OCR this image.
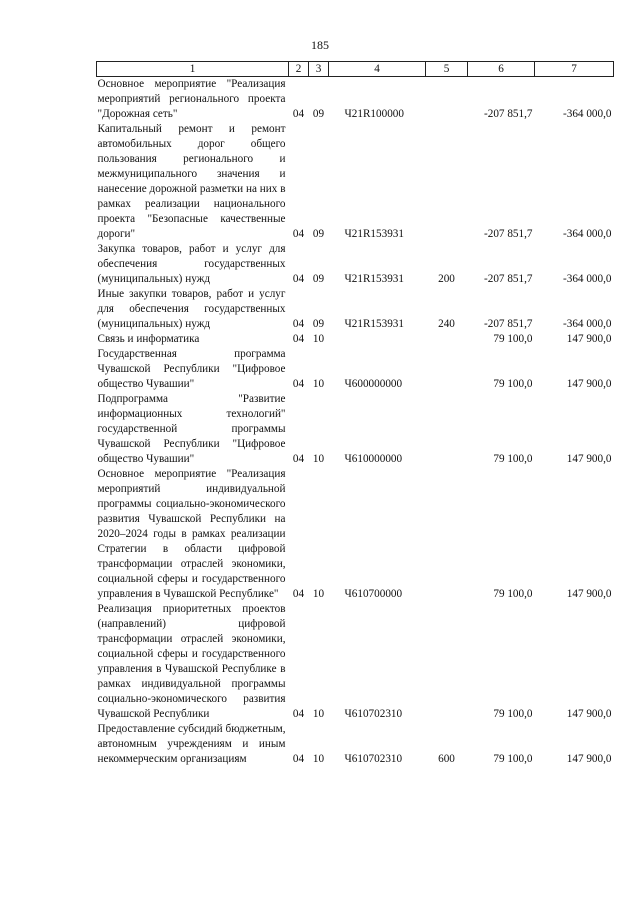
185
1	2	3	4	5	6	7
Основное мероприятие "Реализация мероприятий регионального проекта "Дорожная сеть"	04	09	Ч21R100000		-207 851,7	-364 000,0
Капитальный ремонт и ремонт автомобильных дорог общего пользования регионального и межмуниципального значения и нанесение дорожной разметки на них в рамках реализации национального проекта "Безопасные качественные дороги"	04	09	Ч21R153931		-207 851,7	-364 000,0
Закупка товаров, работ и услуг для обеспечения государственных (муниципальных) нужд	04	09	Ч21R153931	200	-207 851,7	-364 000,0
Иные закупки товаров, работ и услуг для обеспечения государственных (муниципальных) нужд	04	09	Ч21R153931	240	-207 851,7	-364 000,0
Связь и информатика	04	10			79 100,0	147 900,0
Государственная программа Чувашской Республики "Цифровое общество Чувашии"	04	10	Ч600000000		79 100,0	147 900,0
Подпрограмма "Развитие информационных технологий" государственной программы Чувашской Республики "Цифровое общество Чувашии"	04	10	Ч610000000		79 100,0	147 900,0
Основное мероприятие "Реализация мероприятий индивидуальной программы социально-экономического развития Чувашской Республики на 2020–2024 годы в рамках реализации Стратегии в области цифровой трансформации отраслей экономики, социальной сферы и государственного управления в Чувашской Республике"	04	10	Ч610700000		79 100,0	147 900,0
Реализация приоритетных проектов (направлений) цифровой трансформации отраслей экономики, социальной сферы и государственного управления в Чувашской Республике в рамках индивидуальной программы социально-экономического развития Чувашской Республики	04	10	Ч610702310		79 100,0	147 900,0
Предоставление субсидий бюджетным, автономным учреждениям и иным некоммерческим организациям	04	10	Ч610702310	600	79 100,0	147 900,0
